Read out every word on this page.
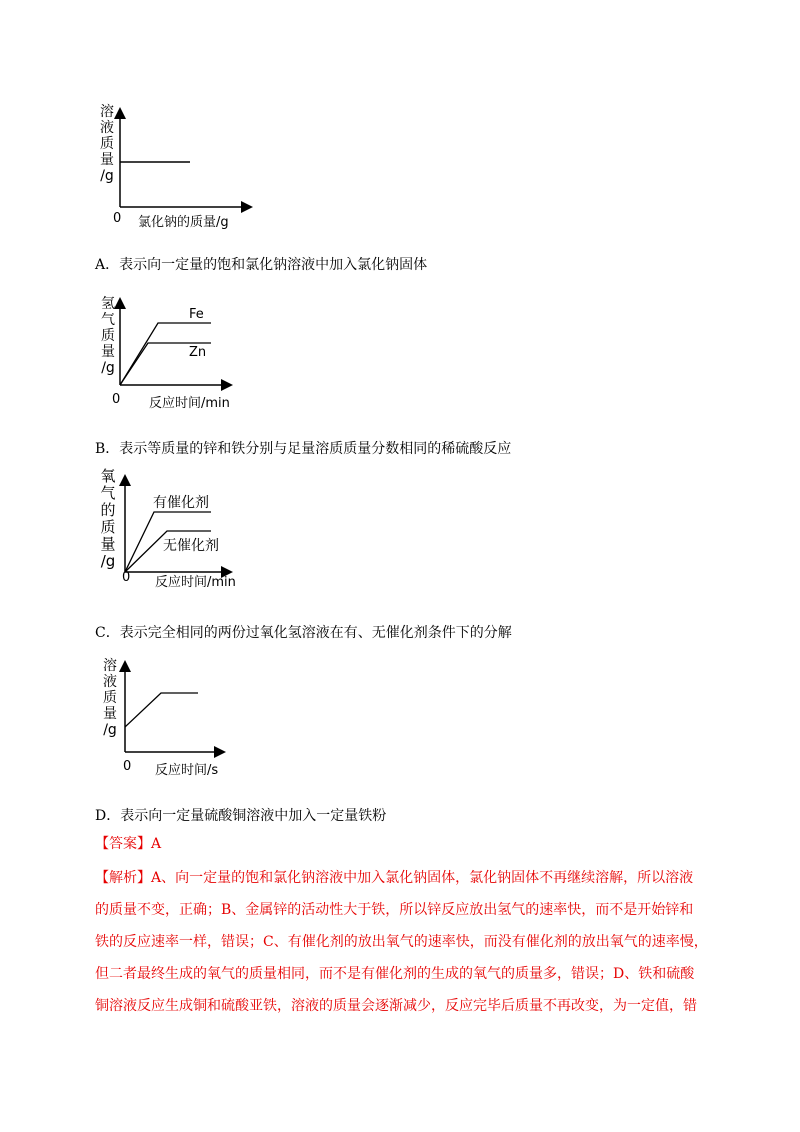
溶
液
质
量
/g
0 氯化钠的质量/g
A．表示向一定量的饱和氯化钠溶液中加入氯化钠固体
氢
气
质
量
/g
Fe
Zn
0 反应时间/min
B．表示等质量的锌和铁分别与足量溶质质量分数相同的稀硫酸反应
氧
气
的
质
量
/g
有催化剂
无催化剂
0 反应时间/min
C．表示完全相同的两份过氧化氢溶液在有、无催化剂条件下的分解
溶
液
质
量
/g
0 反应时间/s
D．表示向一定量硫酸铜溶液中加入一定量铁粉
【答案】A
【解析】A、向一定量的饱和氯化钠溶液中加入氯化钠固体，氯化钠固体不再继续溶解，所以溶液
的质量不变，正确；B、金属锌的活动性大于铁，所以锌反应放出氢气的速率快，而不是开始锌和
铁的反应速率一样，错误；C、有催化剂的放出氧气的速率快，而没有催化剂的放出氧气的速率慢，
但二者最终生成的氧气的质量相同，而不是有催化剂的生成的氧气的质量多，错误；D、铁和硫酸
铜溶液反应生成铜和硫酸亚铁，溶液的质量会逐渐减少，反应完毕后质量不再改变，为一定值，错
